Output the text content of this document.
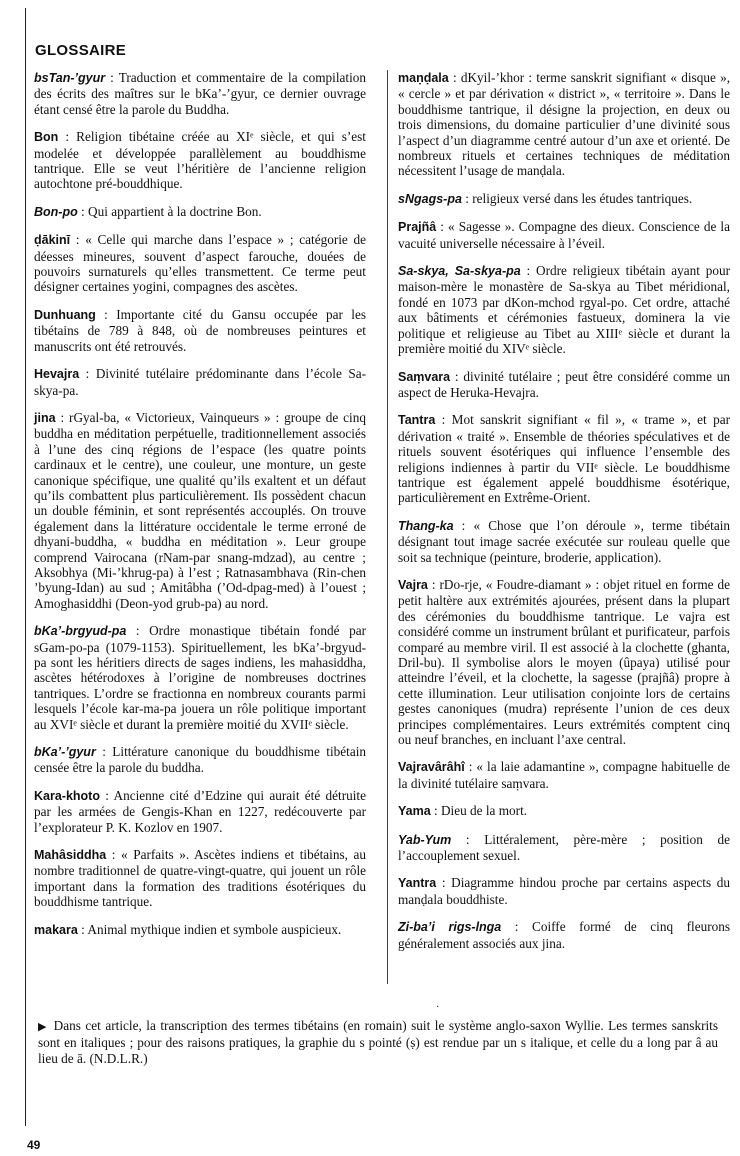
GLOSSAIRE

bsTan-’gyur : Traduction et commentaire de la compilation des écrits des maîtres sur le bKa’-’gyur, ce dernier ouvrage étant censé être la parole du Buddha.

Bon : Religion tibétaine créée au XIᵉ siècle, et qui s’est modelée et développée parallèlement au bouddhisme tantrique. Elle se veut l’héritière de l’ancienne religion autochtone pré-bouddhique.

Bon-po : Qui appartient à la doctrine Bon.

ḍākinī : « Celle qui marche dans l’espace » ; catégorie de déesses mineures, souvent d’aspect farouche, douées de pouvoirs surnaturels qu’elles transmettent. Ce terme peut désigner certaines yogini, compagnes des ascètes.

Dunhuang : Importante cité du Gansu occupée par les tibétains de 789 à 848, où de nombreuses peintures et manuscrits ont été retrouvés.

Hevajra : Divinité tutélaire prédominante dans l’école Sa-skya-pa.

jina : rGyal-ba, « Victorieux, Vainqueurs » : groupe de cinq buddha en méditation perpétuelle, traditionnellement associés à l’une des cinq régions de l’espace (les quatre points cardinaux et le centre), une couleur, une monture, un geste canonique spécifique, une qualité qu’ils exaltent et un défaut qu’ils combattent plus particulièrement. Ils possèdent chacun un double féminin, et sont représentés accouplés. On trouve également dans la littérature occidentale le terme erroné de dhyani-buddha, « buddha en méditation ». Leur groupe comprend Vairocana (rNam-par snang-mdzad), au centre ; Aksobhya (Mi-’khrug-pa) à l’est ; Ratnasambhava (Rin-chen ’byung-Idan) au sud ; Amitâbha (’Od-dpag-med) à l’ouest ; Amoghasiddhi (Deon-yod grub-pa) au nord.

bKa’-brgyud-pa : Ordre monastique tibétain fondé par sGam-po-pa (1079-1153). Spirituellement, les bKa’-brgyud-pa sont les héritiers directs de sages indiens, les mahasiddha, ascètes hétérodoxes à l’origine de nombreuses doctrines tantriques. L’ordre se fractionna en nombreux courants parmi lesquels l’école kar-ma-pa jouera un rôle politique important au XVIᵉ siècle et durant la première moitié du XVIIᵉ siècle.

bKa’-’gyur : Littérature canonique du bouddhisme tibétain censée être la parole du buddha.

Kara-khoto : Ancienne cité d’Edzine qui aurait été détruite par les armées de Gengis-Khan en 1227, redécouverte par l’explorateur P. K. Kozlov en 1907.

Mahâsiddha : « Parfaits ». Ascètes indiens et tibétains, au nombre traditionnel de quatre-vingt-quatre, qui jouent un rôle important dans la formation des traditions ésotériques du bouddhisme tantrique.

makara : Animal mythique indien et symbole auspicieux.

maṇḍala : dKyil-’khor : terme sanskrit signifiant « disque », « cercle » et par dérivation « district », « territoire ». Dans le bouddhisme tantrique, il désigne la projection, en deux ou trois dimensions, du domaine particulier d’une divinité sous l’aspect d’un diagramme centré autour d’un axe et orienté. De nombreux rituels et certaines techniques de méditation nécessitent l’usage de manḍala.

sNgags-pa : religieux versé dans les études tantriques.

Prajñâ : « Sagesse ». Compagne des dieux. Conscience de la vacuité universelle nécessaire à l’éveil.

Sa-skya, Sa-skya-pa : Ordre religieux tibétain ayant pour maison-mère le monastère de Sa-skya au Tibet méridional, fondé en 1073 par dKon-mchod rgyal-po. Cet ordre, attaché aux bâtiments et cérémonies fastueux, dominera la vie politique et religieuse au Tibet au XIIIᵉ siècle et durant la première moitié du XIVᵉ siècle.

Saṃvara : divinité tutélaire ; peut être considéré comme un aspect de Heruka-Hevajra.

Tantra : Mot sanskrit signifiant « fil », « trame », et par dérivation « traité ». Ensemble de théories spéculatives et de rituels souvent ésotériques qui influence l’ensemble des religions indiennes à partir du VIIᵉ siècle. Le bouddhisme tantrique est également appelé bouddhisme ésotérique, particulièrement en Extrême-Orient.

Thang-ka : « Chose que l’on déroule », terme tibétain désignant tout image sacrée exécutée sur rouleau quelle que soit sa technique (peinture, broderie, application).

Vajra : rDo-rje, « Foudre-diamant » : objet rituel en forme de petit haltère aux extrémités ajourées, présent dans la plupart des cérémonies du bouddhisme tantrique. Le vajra est considéré comme un instrument brûlant et purificateur, parfois comparé au membre viril. Il est associé à la clochette (ghanta, Dril-bu). Il symbolise alors le moyen (ûpaya) utilisé pour atteindre l’éveil, et la clochette, la sagesse (prajñâ) propre à cette illumination. Leur utilisation conjointe lors de certains gestes canoniques (mudra) représente l’union de ces deux principes complémentaires. Leurs extrémités comptent cinq ou neuf branches, en incluant l’axe central.

Vajravârâhî : « la laie adamantine », compagne habituelle de la divinité tutélaire saṃvara.

Yama : Dieu de la mort.

Yab-Yum : Littéralement, père-mère ; position de l’accouplement sexuel.

Yantra : Diagramme hindou proche par certains aspects du manḍala bouddhiste.

Zi-ba’i rigs-lnga : Coiffe formé de cinq fleurons généralement associés aux jina.

·

▶ Dans cet article, la transcription des termes tibétains (en romain) suit le système anglo-saxon Wyllie. Les termes sanskrits sont en italiques ; pour des raisons pratiques, la graphie du s pointé (ṣ) est rendue par un s italique, et celle du a long par â au lieu de ā. (N.D.L.R.)

49
